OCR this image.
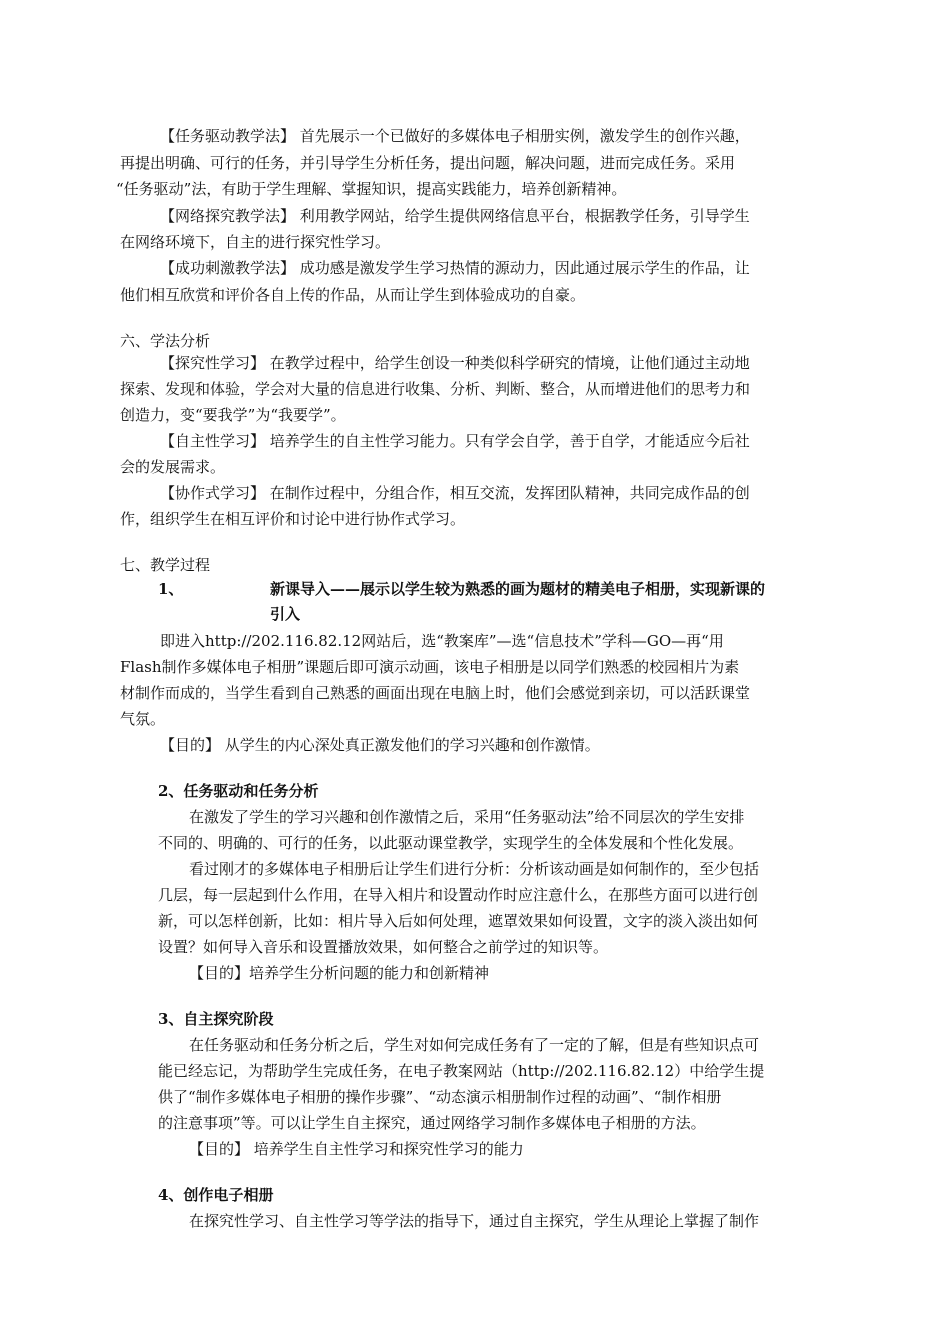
【任务驱动教学法】 首先展示一个已做好的多媒体电子相册实例，激发学生的创作兴趣，
再提出明确、可行的任务，并引导学生分析任务，提出问题，解决问题，进而完成任务。采用
“任务驱动”法，有助于学生理解、掌握知识，提高实践能力，培养创新精神。
【网络探究教学法】 利用教学网站，给学生提供网络信息平台，根据教学任务，引导学生
在网络环境下，自主的进行探究性学习。
【成功刺激教学法】 成功感是激发学生学习热情的源动力，因此通过展示学生的作品，让
他们相互欣赏和评价各自上传的作品，从而让学生到体验成功的自豪。
六、学法分析
【探究性学习】 在教学过程中，给学生创设一种类似科学研究的情境，让他们通过主动地
探索、发现和体验，学会对大量的信息进行收集、分析、判断、整合，从而增进他们的思考力和
创造力，变“要我学”为“我要学”。
【自主性学习】 培养学生的自主性学习能力。只有学会自学，善于自学，才能适应今后社
会的发展需求。
【协作式学习】 在制作过程中，分组合作，相互交流，发挥团队精神，共同完成作品的创
作，组织学生在相互评价和讨论中进行协作式学习。
七、教学过程
1、	新课导入——展示以学生较为熟悉的画为题材的精美电子相册，实现新课的
引入
即进入http://202.116.82.12网站后，选“教案库”—选“信息技术”学科—GO—再“用
Flash制作多媒体电子相册”课题后即可演示动画，该电子相册是以同学们熟悉的校园相片为素
材制作而成的，当学生看到自己熟悉的画面出现在电脑上时，他们会感觉到亲切，可以活跃课堂
气氛。
【目的】 从学生的内心深处真正激发他们的学习兴趣和创作激情。
2、任务驱动和任务分析
在激发了学生的学习兴趣和创作激情之后，采用“任务驱动法”给不同层次的学生安排
不同的、明确的、可行的任务，以此驱动课堂教学，实现学生的全体发展和个性化发展。
看过刚才的多媒体电子相册后让学生们进行分析：分析该动画是如何制作的，至少包括
几层，每一层起到什么作用，在导入相片和设置动作时应注意什么，在那些方面可以进行创
新，可以怎样创新，比如：相片导入后如何处理，遮罩效果如何设置，文字的淡入淡出如何
设置？如何导入音乐和设置播放效果，如何整合之前学过的知识等。
【目的】培养学生分析问题的能力和创新精神
3、自主探究阶段
在任务驱动和任务分析之后，学生对如何完成任务有了一定的了解，但是有些知识点可
能已经忘记，为帮助学生完成任务，在电子教案网站（http://202.116.82.12）中给学生提
供了“制作多媒体电子相册的操作步骤”、“动态演示相册制作过程的动画”、“制作相册
的注意事项”等。可以让学生自主探究，通过网络学习制作多媒体电子相册的方法。
【目的】 培养学生自主性学习和探究性学习的能力
4、创作电子相册
在探究性学习、自主性学习等学法的指导下，通过自主探究，学生从理论上掌握了制作
